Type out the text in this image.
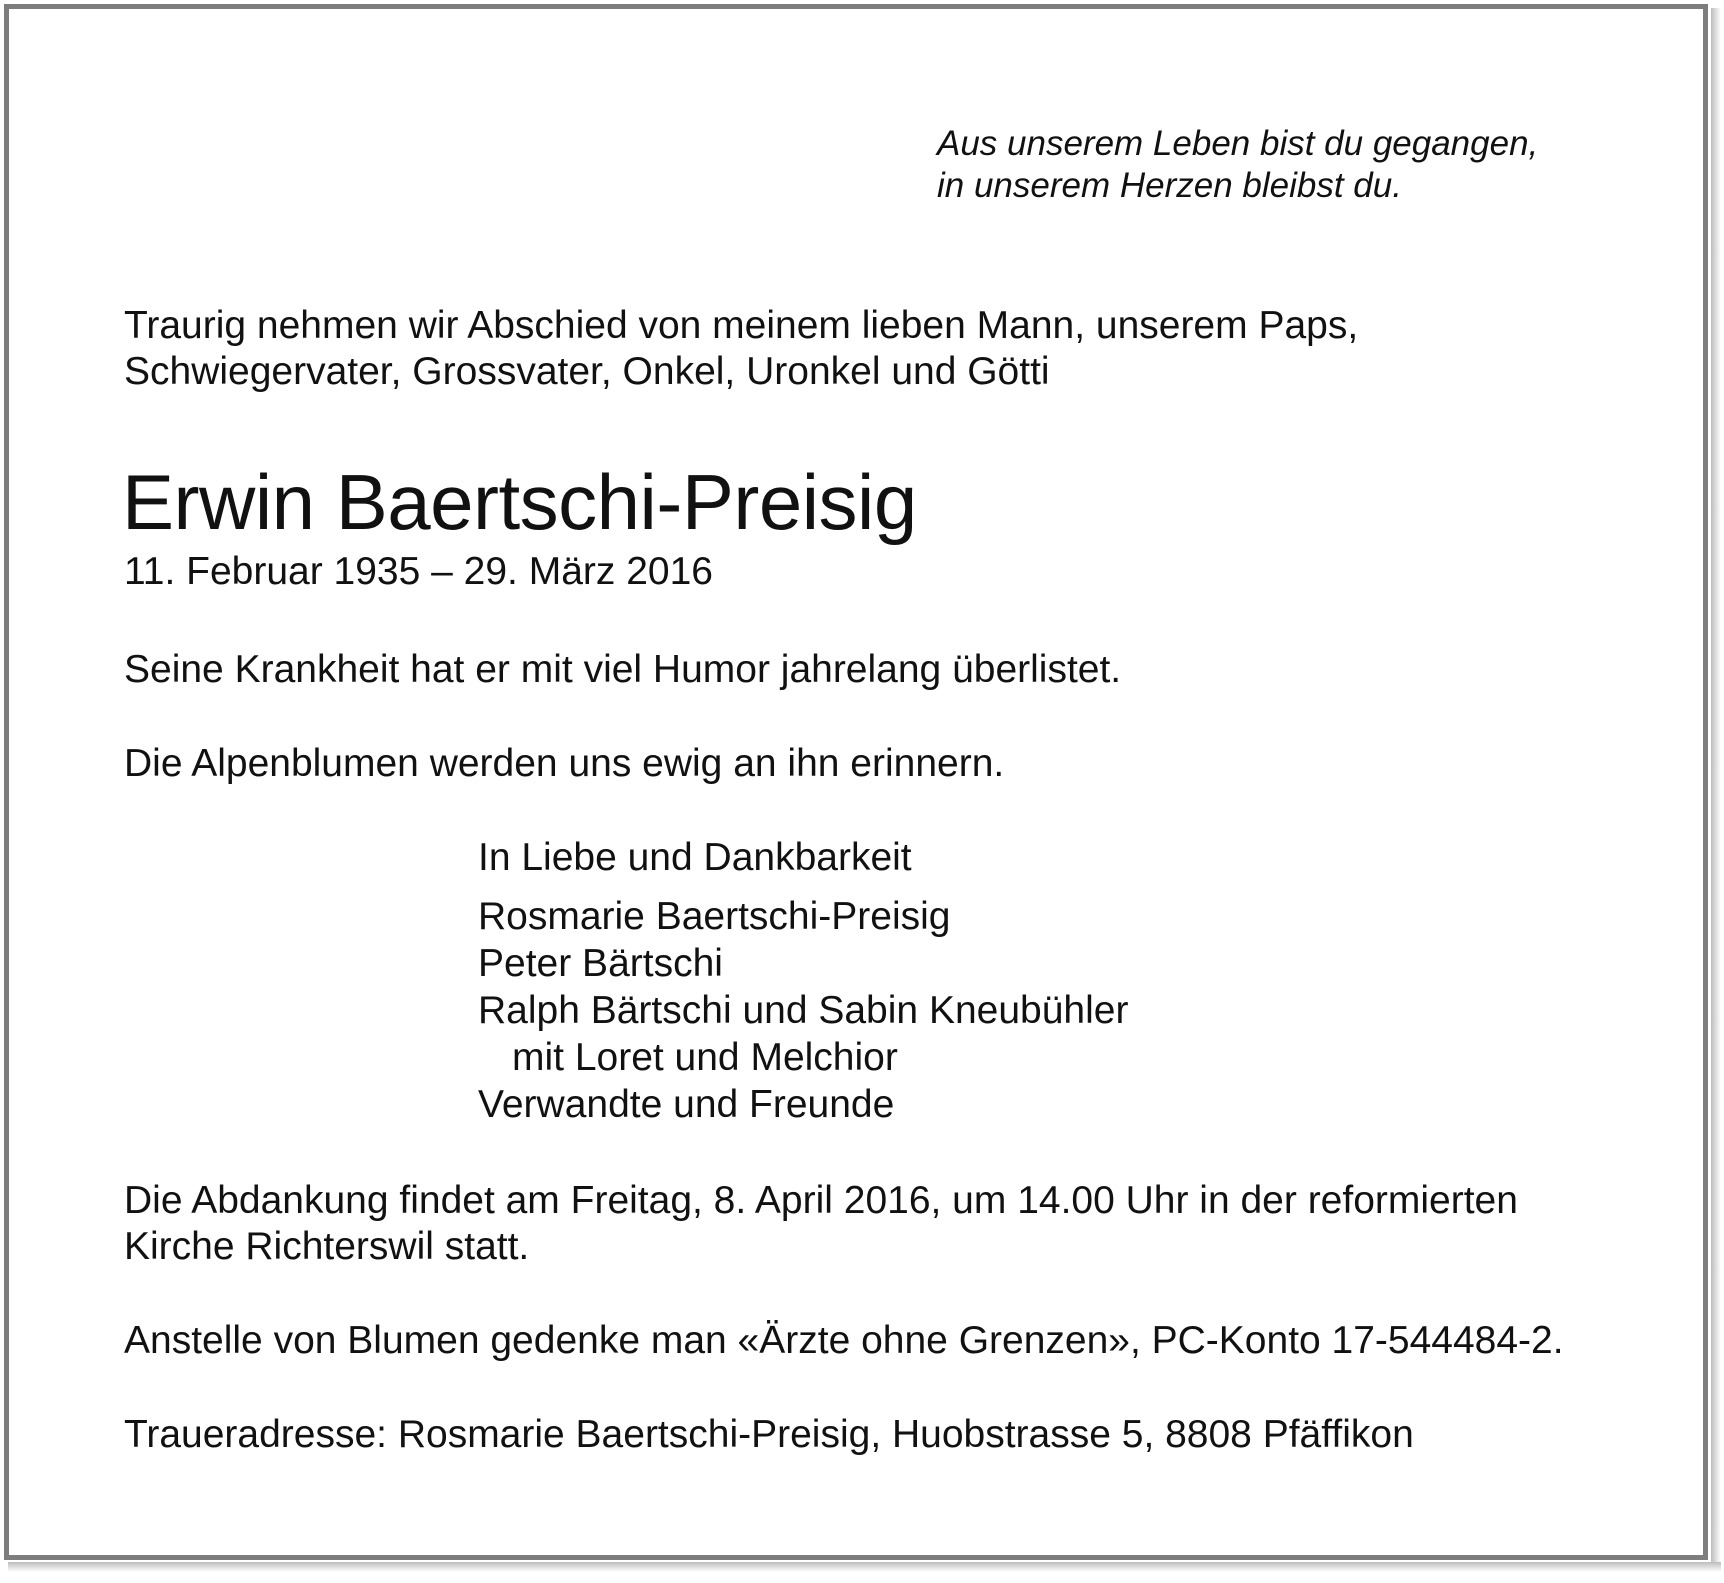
Aus unserem Leben bist du gegangen,

in unserem Herzen bleibst du.

Traurig nehmen wir Abschied von meinem lieben Mann, unserem Paps,

Schwiegervater, Grossvater, Onkel, Uronkel und Götti

Erwin Baertschi-Preisig

11. Februar 1935 – 29. März 2016

Seine Krankheit hat er mit viel Humor jahrelang überlistet.

Die Alpenblumen werden uns ewig an ihn erinnern.

In Liebe und Dankbarkeit

Rosmarie Baertschi-Preisig

Peter Bärtschi

Ralph Bärtschi und Sabin Kneubühler

mit Loret und Melchior

Verwandte und Freunde

Die Abdankung findet am Freitag, 8. April 2016, um 14.00 Uhr in der reformierten

Kirche Richterswil statt.

Anstelle von Blumen gedenke man «Ärzte ohne Grenzen», PC-Konto 17-544484-2.

Traueradresse: Rosmarie Baertschi-Preisig, Huobstrasse 5, 8808 Pfäffikon
